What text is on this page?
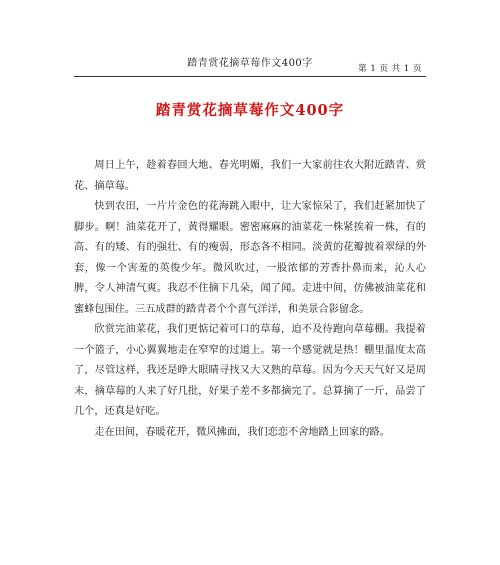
踏青赏花摘草莓作文400字	第 1 页 共 1 页
踏青赏花摘草莓作文400字

周日上午，趁着春回大地、春光明媚，我们一大家前往农大附近踏青、赏花、摘草莓。

快到农田，一片片金色的花海跳入眼中，让大家惊呆了，我们赶紧加快了脚步。啊！油菜花开了，黄得耀眼。密密麻麻的油菜花一株紧挨着一株，有的高、有的矮、有的强壮、有的瘦弱，形态各不相同。淡黄的花瓣披着翠绿的外套，像一个害羞的英俊少年。微风吹过，一股浓郁的芳香扑鼻而来，沁人心脾，令人神清气爽。我忍不住摘下几朵，闻了闻。走进中间，仿佛被油菜花和蜜蜂包围住。三五成群的踏青者个个喜气洋洋，和美景合影留念。

欣赏完油菜花，我们更惦记着可口的草莓，迫不及待跑向草莓棚。我提着一个篮子，小心翼翼地走在窄窄的过道上。第一个感觉就是热！棚里温度太高了，尽管这样，我还是睁大眼睛寻找又大又熟的草莓。因为今天天气好又是周末，摘草莓的人来了好几批，好果子差不多都摘完了。总算摘了一斤，品尝了几个，还真是好吃。

走在田间，春暖花开，微风拂面，我们恋恋不舍地踏上回家的路。
